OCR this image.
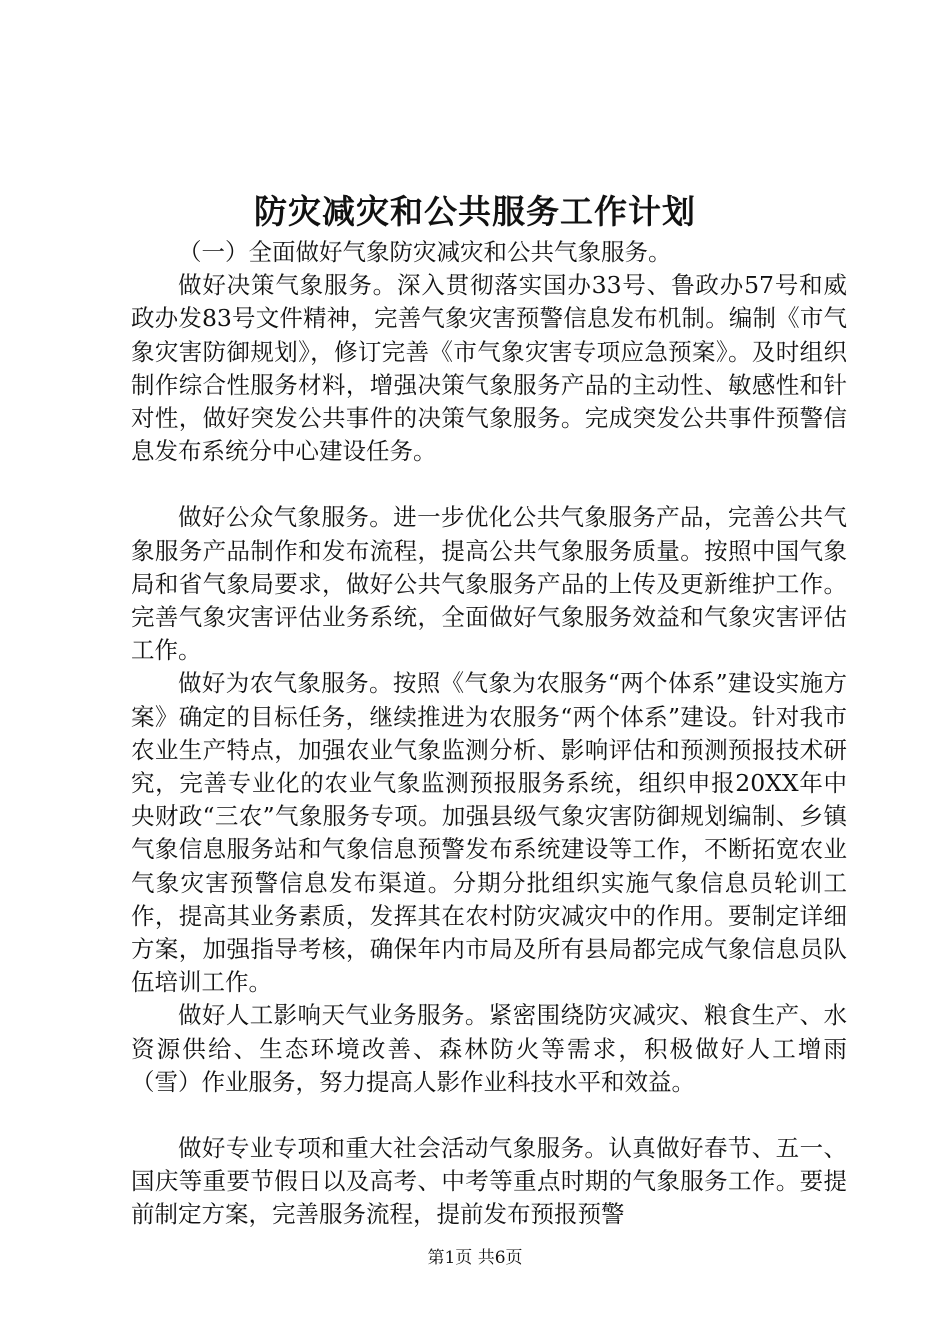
防灾减灾和公共服务工作计划

（一）全面做好气象防灾减灾和公共气象服务。

做好决策气象服务。深入贯彻落实国办33号、鲁政办57号和威政办发83号文件精神，完善气象灾害预警信息发布机制。编制《市气象灾害防御规划》，修订完善《市气象灾害专项应急预案》。及时组织制作综合性服务材料，增强决策气象服务产品的主动性、敏感性和针对性，做好突发公共事件的决策气象服务。完成突发公共事件预警信息发布系统分中心建设任务。

做好公众气象服务。进一步优化公共气象服务产品，完善公共气象服务产品制作和发布流程，提高公共气象服务质量。按照中国气象局和省气象局要求，做好公共气象服务产品的上传及更新维护工作。完善气象灾害评估业务系统，全面做好气象服务效益和气象灾害评估工作。

做好为农气象服务。按照《气象为农服务“两个体系”建设实施方案》确定的目标任务，继续推进为农服务“两个体系”建设。针对我市农业生产特点，加强农业气象监测分析、影响评估和预测预报技术研究，完善专业化的农业气象监测预报服务系统，组织申报20XX年中央财政“三农”气象服务专项。加强县级气象灾害防御规划编制、乡镇气象信息服务站和气象信息预警发布系统建设等工作，不断拓宽农业气象灾害预警信息发布渠道。分期分批组织实施气象信息员轮训工作，提高其业务素质，发挥其在农村防灾减灾中的作用。要制定详细方案，加强指导考核，确保年内市局及所有县局都完成气象信息员队伍培训工作。

做好人工影响天气业务服务。紧密围绕防灾减灾、粮食生产、水资源供给、生态环境改善、森林防火等需求，积极做好人工增雨（雪）作业服务，努力提高人影作业科技水平和效益。

做好专业专项和重大社会活动气象服务。认真做好春节、五一、国庆等重要节假日以及高考、中考等重点时期的气象服务工作。要提前制定方案，完善服务流程，提前发布预报预警

第1页 共6页
